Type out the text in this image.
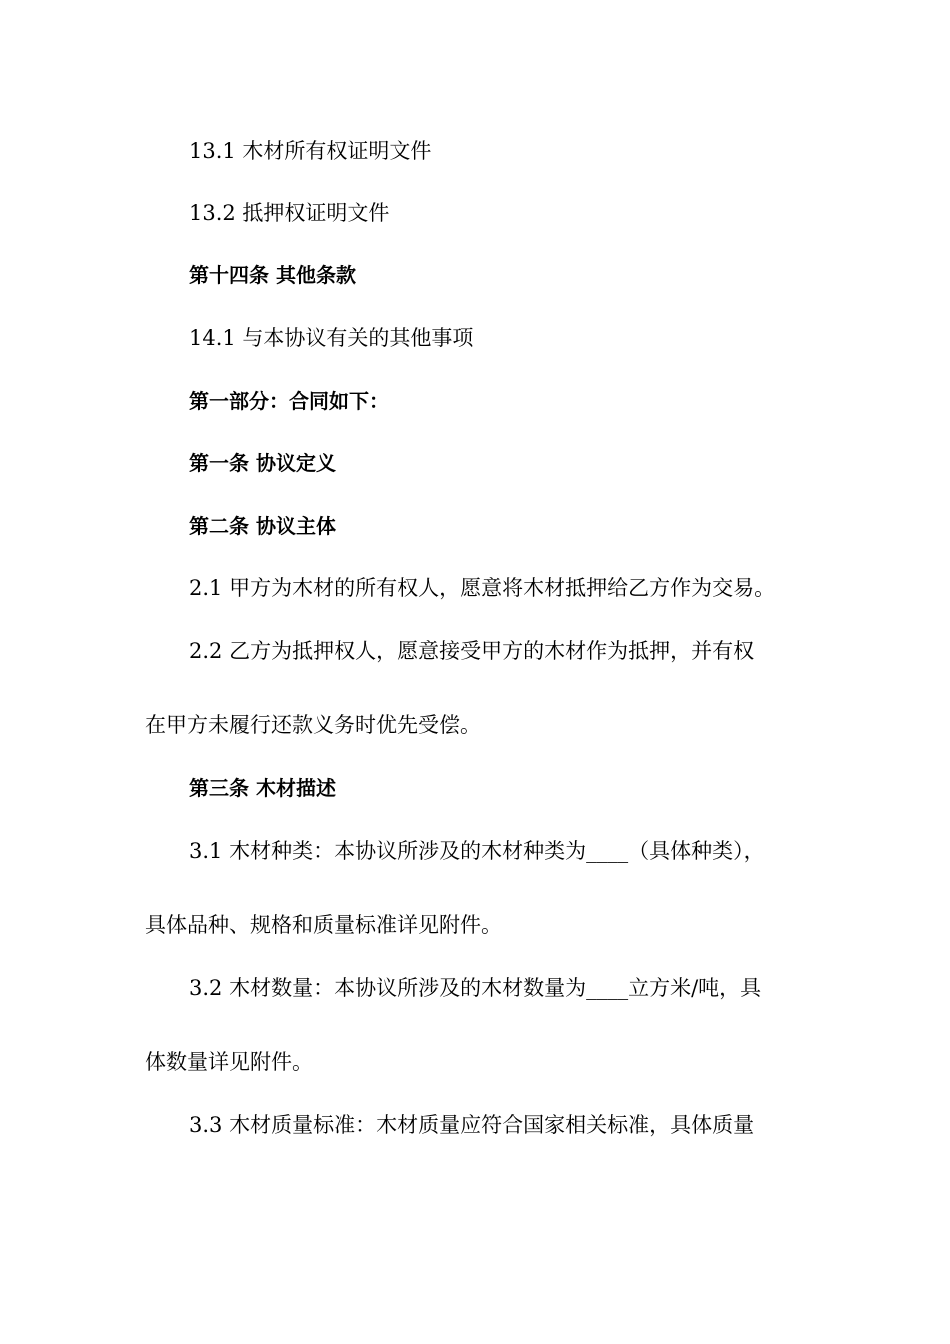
13.1 木材所有权证明文件
13.2 抵押权证明文件
第十四条 其他条款
14.1 与本协议有关的其他事项
第一部分：合同如下：
第一条 协议定义
第二条 协议主体
2.1 甲方为木材的所有权人，愿意将木材抵押给乙方作为交易。
2.2 乙方为抵押权人，愿意接受甲方的木材作为抵押，并有权
在甲方未履行还款义务时优先受偿。
第三条 木材描述
3.1 木材种类：本协议所涉及的木材种类为____（具体种类），
具体品种、规格和质量标准详见附件。
3.2 木材数量：本协议所涉及的木材数量为____立方米/吨，具
体数量详见附件。
3.3 木材质量标准：木材质量应符合国家相关标准，具体质量
